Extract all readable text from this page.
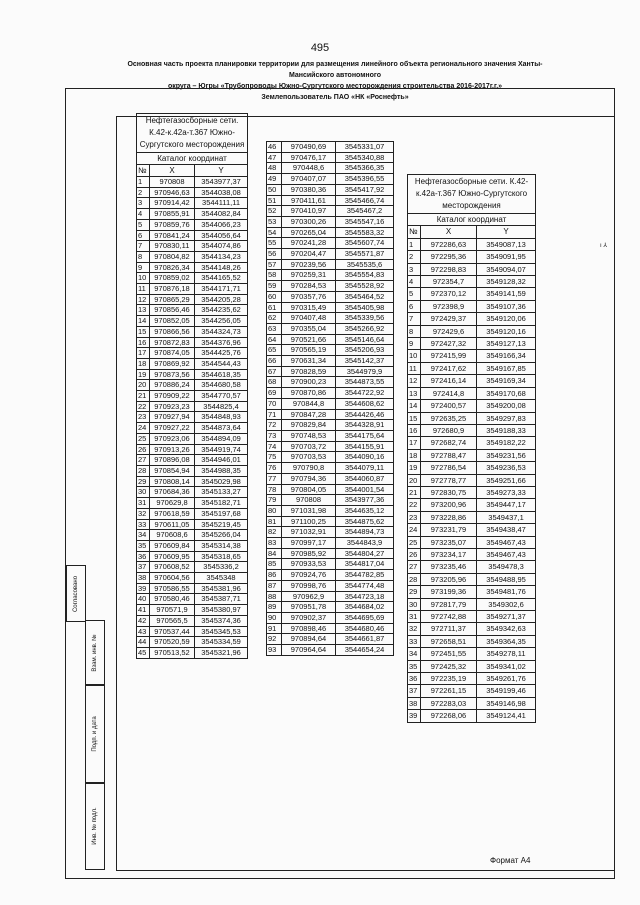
495
Основная часть проекта планировки территории для размещения линейного объекта регионального значения Ханты-Мансийского автономного
округа – Югры «Трубопроводы Южно-Сургутского месторождения строительства 2016-2017г.г.»
Землепользователь ПАО «НК «Роснефть»
Согласовано
Взам. инв. №
Подп. и дата
Инв. № подл.
Нефтегазосборные сети. К.42-к.42а-т.367 Южно-Сургутского месторождения		
Каталог координат		
№	X	Y
1	970808	3543977,37
2	970946,63	3544038,08
3	970914,42	3544111,11
4	970855,91	3544082,84
5	970859,76	3544066,23
6	970841,24	3544056,64
7	970830,11	3544074,86
8	970804,82	3544134,23
9	970826,34	3544148,26
10	970859,02	3544165,52
11	970876,18	3544171,71
12	970865,29	3544205,28
13	970856,46	3544235,62
14	970852,05	3544256,05
15	970866,56	3544324,73
16	970872,83	3544376,96
17	970874,05	3544425,76
18	970869,92	3544544,43
19	970873,56	3544618,35
20	970886,24	3544680,58
21	970909,22	3544770,57
22	970923,23	3544825,4
23	970927,94	3544848,93
24	970927,22	3544873,64
25	970923,06	3544894,09
26	970913,26	3544919,74
27	970896,08	3544946,01
28	970854,94	3544988,35
29	970808,14	3545029,98
30	970684,36	3545133,27
31	970629,8	3545182,71
32	970618,59	3545197,68
33	970611,05	3545219,45
34	970608,6	3545266,04
35	970609,84	3545314,38
36	970609,95	3545318,65
37	970608,52	3545336,2
38	970604,56	3545348
39	970586,55	3545381,96
40	970580,46	3545387,71
41	970571,9	3545380,97
42	970565,5	3545374,36
43	970537,44	3545345,53
44	970520,59	3545334,59
45	970513,52	3545321,96
46	970490,69	3545331,07
47	970476,17	3545340,88
48	970448,6	3545366,35
49	970407,07	3545396,55
50	970380,36	3545417,92
51	970411,61	3545466,74
52	970410,97	3545467,2
53	970300,26	3545547,16
54	970265,04	3545583,32
55	970241,28	3545607,74
56	970204,47	3545571,87
57	970239,56	3545535,6
58	970259,31	3545554,83
59	970284,53	3545528,92
60	970357,76	3545464,52
61	970315,49	3545405,98
62	970407,48	3545339,56
63	970355,04	3545266,92
64	970521,66	3545146,64
65	970565,19	3545206,93
66	970631,34	3545142,37
67	970828,59	3544979,9
68	970900,23	3544873,55
69	970870,86	3544722,92
70	970844,8	3544608,62
71	970847,28	3544426,46
72	970829,84	3544328,91
73	970748,53	3544175,64
74	970703,72	3544155,91
75	970703,53	3544090,16
76	970790,8	3544079,11
77	970794,36	3544060,87
78	970804,05	3544001,54
79	970808	3543977,36
80	971031,98	3544635,12
81	971100,25	3544875,62
82	971032,91	3544894,73
83	970997,17	3544843,9
84	970985,92	3544804,27
85	970933,53	3544817,04
86	970924,76	3544782,85
87	970998,76	3544774,48
88	970962,9	3544723,18
89	970951,78	3544684,02
90	970902,37	3544695,69
91	970898,46	3544680,46
92	970894,64	3544661,87
93	970964,64	3544654,24
Нефтегазосборные сети. К.42-к.42а-т.367 Южно-Сургутского месторождения		
Каталог координат		
№	X	Y
1	972286,63	3549087,13
2	972295,36	3549091,95
3	972298,83	3549094,07
4	972354,7	3549128,32
5	972370,12	3549141,59
6	972398,9	3549107,36
7	972429,37	3549120,06
8	972429,6	3549120,16
9	972427,32	3549127,13
10	972415,99	3549166,34
11	972417,62	3549167,85
12	972416,14	3549169,34
13	972414,8	3549170,68
14	972400,57	3549200,08
15	972635,25	3549297,83
16	972680,9	3549188,33
17	972682,74	3549182,22
18	972788,47	3549231,56
19	972786,54	3549236,53
20	972778,77	3549251,66
21	972830,75	3549273,33
22	973200,96	3549447,17
23	973228,86	3549437,1
24	973231,79	3549438,47
25	973235,07	3549467,43
26	973234,17	3549467,43
27	973235,46	3549478,3
28	973205,96	3549488,95
29	973199,36	3549481,76
30	972817,79	3549302,6
31	972742,88	3549271,37
32	972711,37	3549342,63
33	972658,51	3549364,35
34	972451,55	3549278,11
35	972425,32	3549341,02
36	972235,19	3549261,76
37	972261,15	3549199,46
38	972283,03	3549146,98
39	972268,06	3549124,41
ı ⅄
Формат А4
